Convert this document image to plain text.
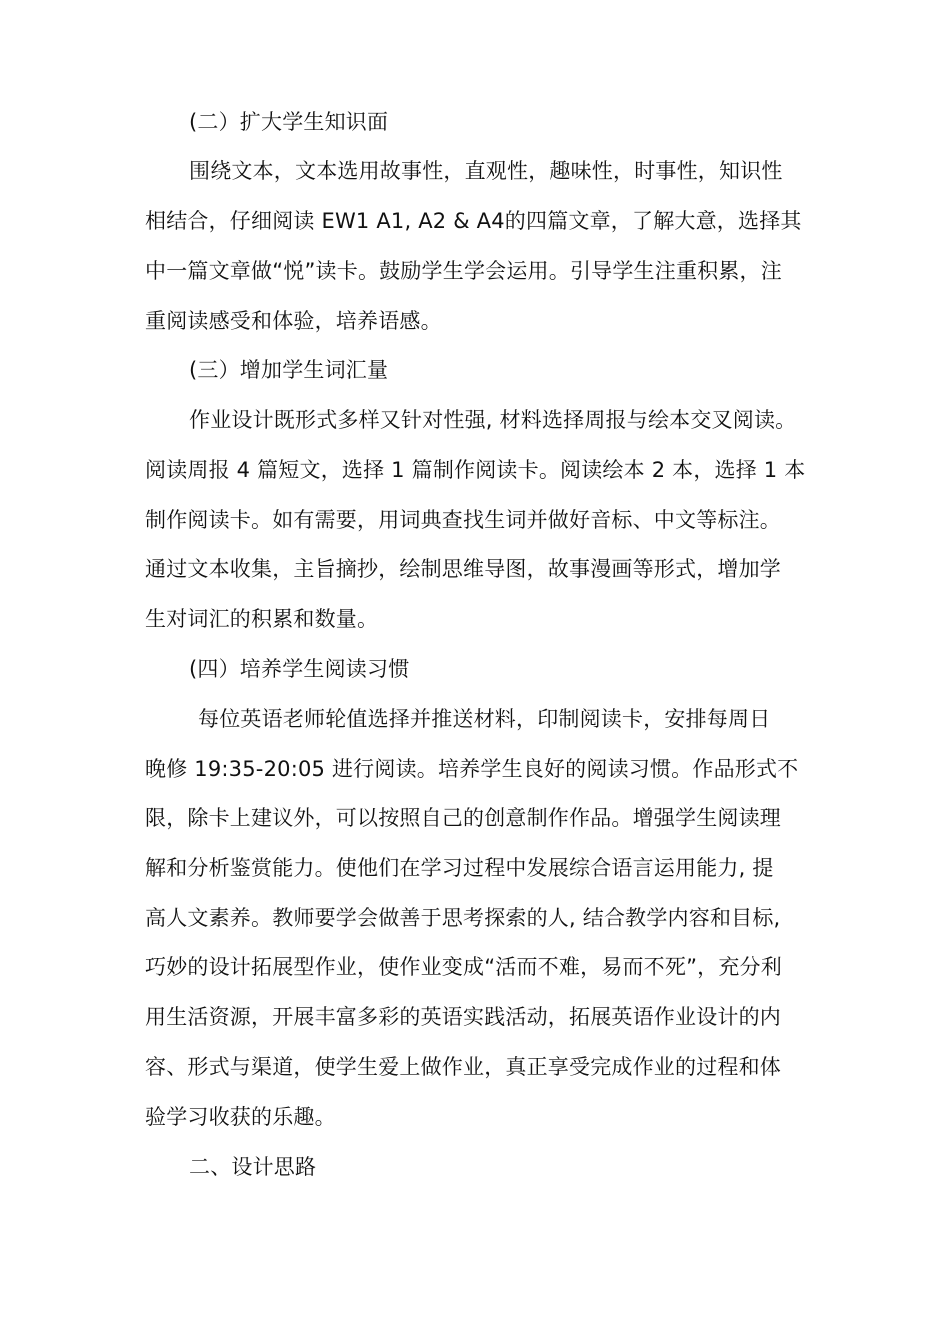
(二）扩大学生知识面
围绕文本，文本选用故事性，直观性，趣味性，时事性，知识性
相结合，仔细阅读 EW1 A1, A2 & A4的四篇文章，了解大意，选择其
中一篇文章做“悦”读卡。鼓励学生学会运用。引导学生注重积累，注
重阅读感受和体验，培养语感。
(三）增加学生词汇量
作业设计既形式多样又针对性强, 材料选择周报与绘本交叉阅读。
阅读周报 4 篇短文，选择 1 篇制作阅读卡。阅读绘本 2 本，选择 1 本
制作阅读卡。如有需要，用词典查找生词并做好音标、中文等标注。
通过文本收集，主旨摘抄，绘制思维导图，故事漫画等形式，增加学
生对词汇的积累和数量。
(四）培养学生阅读习惯
每位英语老师轮值选择并推送材料，印制阅读卡，安排每周日
晚修 19:35-20:05 进行阅读。培养学生良好的阅读习惯。作品形式不
限，除卡上建议外，可以按照自己的创意制作作品。增强学生阅读理
解和分析鉴赏能力。使他们在学习过程中发展综合语言运用能力, 提
高人文素养。教师要学会做善于思考探索的人, 结合教学内容和目标,
巧妙的设计拓展型作业，使作业变成“活而不难，易而不死”，充分利
用生活资源，开展丰富多彩的英语实践活动，拓展英语作业设计的内
容、形式与渠道，使学生爱上做作业，真正享受完成作业的过程和体
验学习收获的乐趣。
二、设计思路
